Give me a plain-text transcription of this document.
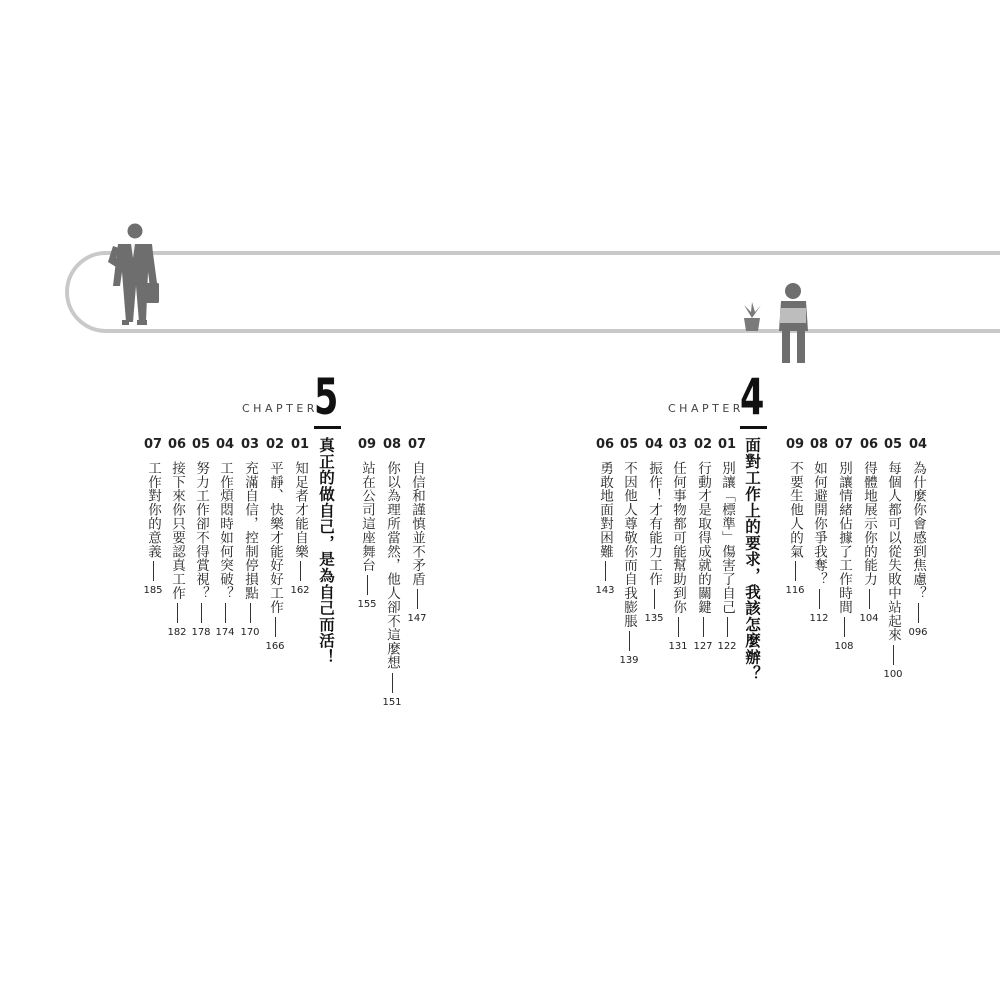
CHAPTER
5	CHAPTER
4
真正的做自己，是為自己而活！	面對工作上的要求，我該怎麼辦？
07
自信和謹慎並不矛盾
147
08
你以為理所當然，他人卻不這麼想
151
09
站在公司這座舞台
155
01
知足者才能自樂
162
02
平靜、快樂才能好好工作
166
03
充滿自信，控制停損點
170
04
工作煩悶時如何突破？
174
05
努力工作卻不得賞視？
178
06
接下來你只要認真工作
182
07
工作對你的意義
185
04
為什麼你會感到焦慮？
096
05
每個人都可以從失敗中站起來
100
06
得體地展示你的能力
104
07
別讓情緒佔據了工作時間
108
08
如何避開你爭我奪？
112
09
不要生他人的氣
116
01
別讓「標準」傷害了自己
122
02
行動才是取得成就的關鍵
127
03
任何事物都可能幫助到你
131
04
振作！才有能力工作
135
05
不因他人尊敬你而自我膨脹
139
06
勇敢地面對困難
143
